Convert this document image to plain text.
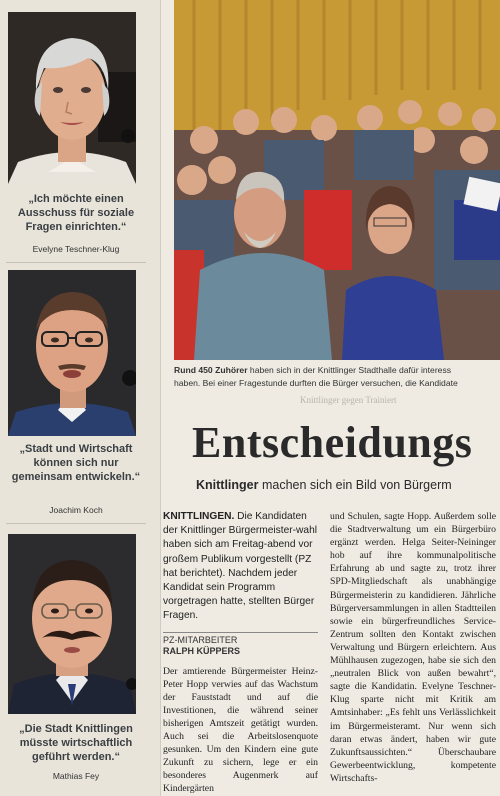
„Ich möchte einen Ausschuss für soziale Fragen einrichten.“
Evelyne Teschner-Klug
„Stadt und Wirtschaft können sich nur gemeinsam entwickeln.“
Joachim Koch
„Die Stadt Knittlingen müsste wirtschaftlich geführt werden.“
Mathias Fey
Rund 450 Zuhörer haben sich in der Knittlinger Stadthalle dafür interess
haben. Bei einer Fragestunde durften die Bürger versuchen, die Kandidate
Knittlinger gegen Trainiert
Entscheidungs
Knittlinger machen sich ein Bild von Bürgerm

KNITTLINGEN. Die Kandidaten der Knittlinger Bürgermeister-wahl haben sich am Freitag-abend vor großem Publikum vorgestellt (PZ hat berichtet). Nachdem jeder Kandidat sein Programm vorgetragen hatte, stellten Bürger Fragen.

PZ-MITARBEITER
RALPH KÜPPERS

Der amtierende Bürgermeister Heinz-Peter Hopp verwies auf das Wachstum der Fauststadt und auf die Investitionen, die während seiner bisherigen Amtszeit getätigt wurden. Auch sei die Arbeitslosenquote gesunken. Um den Kindern eine gute Zukunft zu sichern, lege er ein besonderes Augenmerk auf Kindergärten

und Schulen, sagte Hopp. Außerdem solle die Stadtverwaltung um ein Bürgerbüro ergänzt werden. Helga Seiter-Neininger hob auf ihre kommunalpolitische Erfahrung ab und sagte zu, trotz ihrer SPD-Mitgliedschaft als unabhängige Bürgermeisterin zu kandidieren. Jährliche Bürgerversammlungen in allen Stadtteilen sowie ein bürgerfreundliches Service-Zentrum sollten den Kontakt zwischen Verwaltung und Bürgern erleichtern. Aus Mühlhausen zugezogen, habe sie sich den „neutralen Blick von außen bewahrt“, sagte die Kandidatin. Evelyne Teschner-Klug sparte nicht mit Kritik am Amtsinhaber: „Es fehlt uns Verlässlichkeit im Bürgermeisteramt. Nur wenn sich daran etwas ändert, haben wir gute Zukunftsaussichten.“ Überschaubare Gewerbeentwicklung, kompetente Wirtschafts-
